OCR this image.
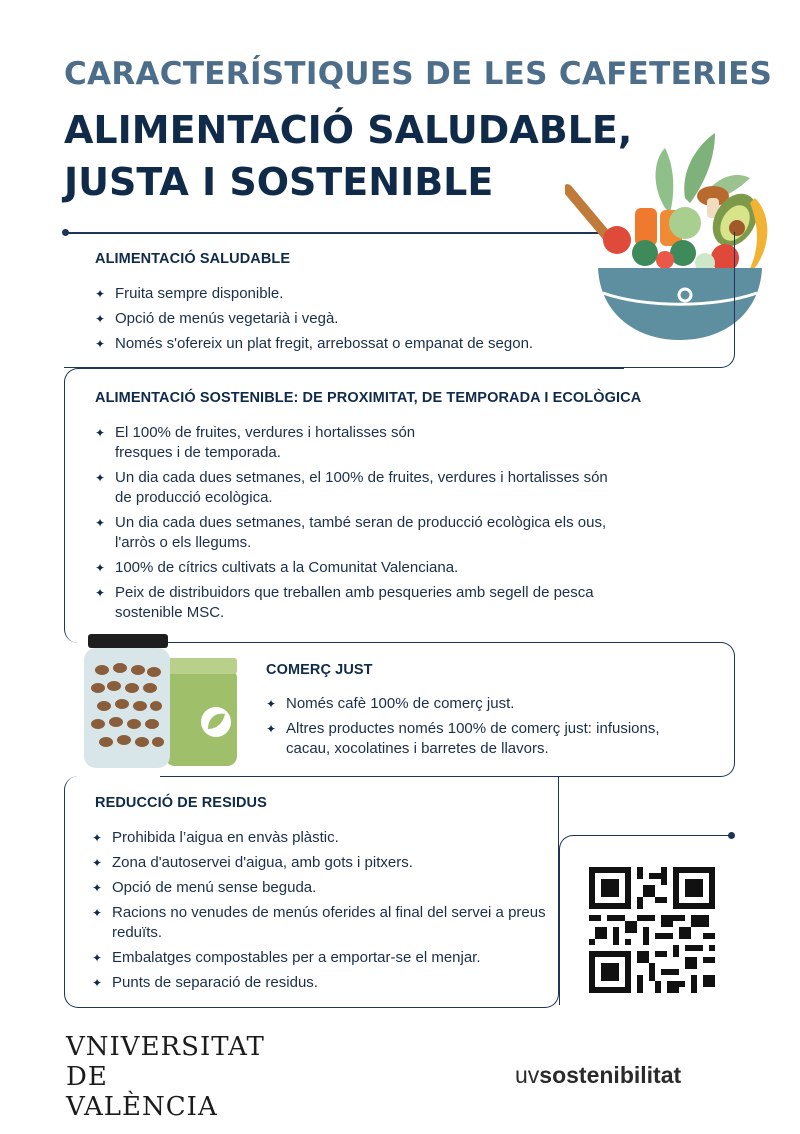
CARACTERÍSTIQUES DE LES CAFETERIES
ALIMENTACIÓ SALUDABLE, JUSTA I SOSTENIBLE
ALIMENTACIÓ SALUDABLE
✦ Fruita sempre disponible.
✦ Opció de menús vegetarià i vegà.
✦ Només s'ofereix un plat fregit, arrebossat o empanat de segon.
ALIMENTACIÓ SOSTENIBLE: DE PROXIMITAT, DE TEMPORADA I ECOLÒGICA
✦ El 100% de fruites, verdures i hortalisses són fresques i de temporada.
✦ Un dia cada dues setmanes, el 100% de fruites, verdures i hortalisses són de producció ecològica.
✦ Un dia cada dues setmanes, també seran de producció ecològica els ous, l'arròs o els llegums.
✦ 100% de cítrics cultivats a la Comunitat Valenciana.
✦ Peix de distribuidors que treballen amb pesqueries amb segell de pesca sostenible MSC.
COMERÇ JUST
✦ Només cafè 100% de comerç just.
✦ Altres productes només 100% de comerç just: infusions, cacau, xocolatines i barretes de llavors.
REDUCCIÓ DE RESIDUS
✦ Prohibida l’aigua en envàs plàstic.
✦ Zona d'autoservei d'aigua, amb gots i pitxers.
✦ Opció de menú sense beguda.
✦ Racions no venudes de menús oferides al final del servei a preus reduïts.
✦ Embalatges compostables per a emportar-se el menjar.
✦ Punts de separació de residus.
VNIVERSITAT
DE VALÈNCIA
uvsostenibilitat
